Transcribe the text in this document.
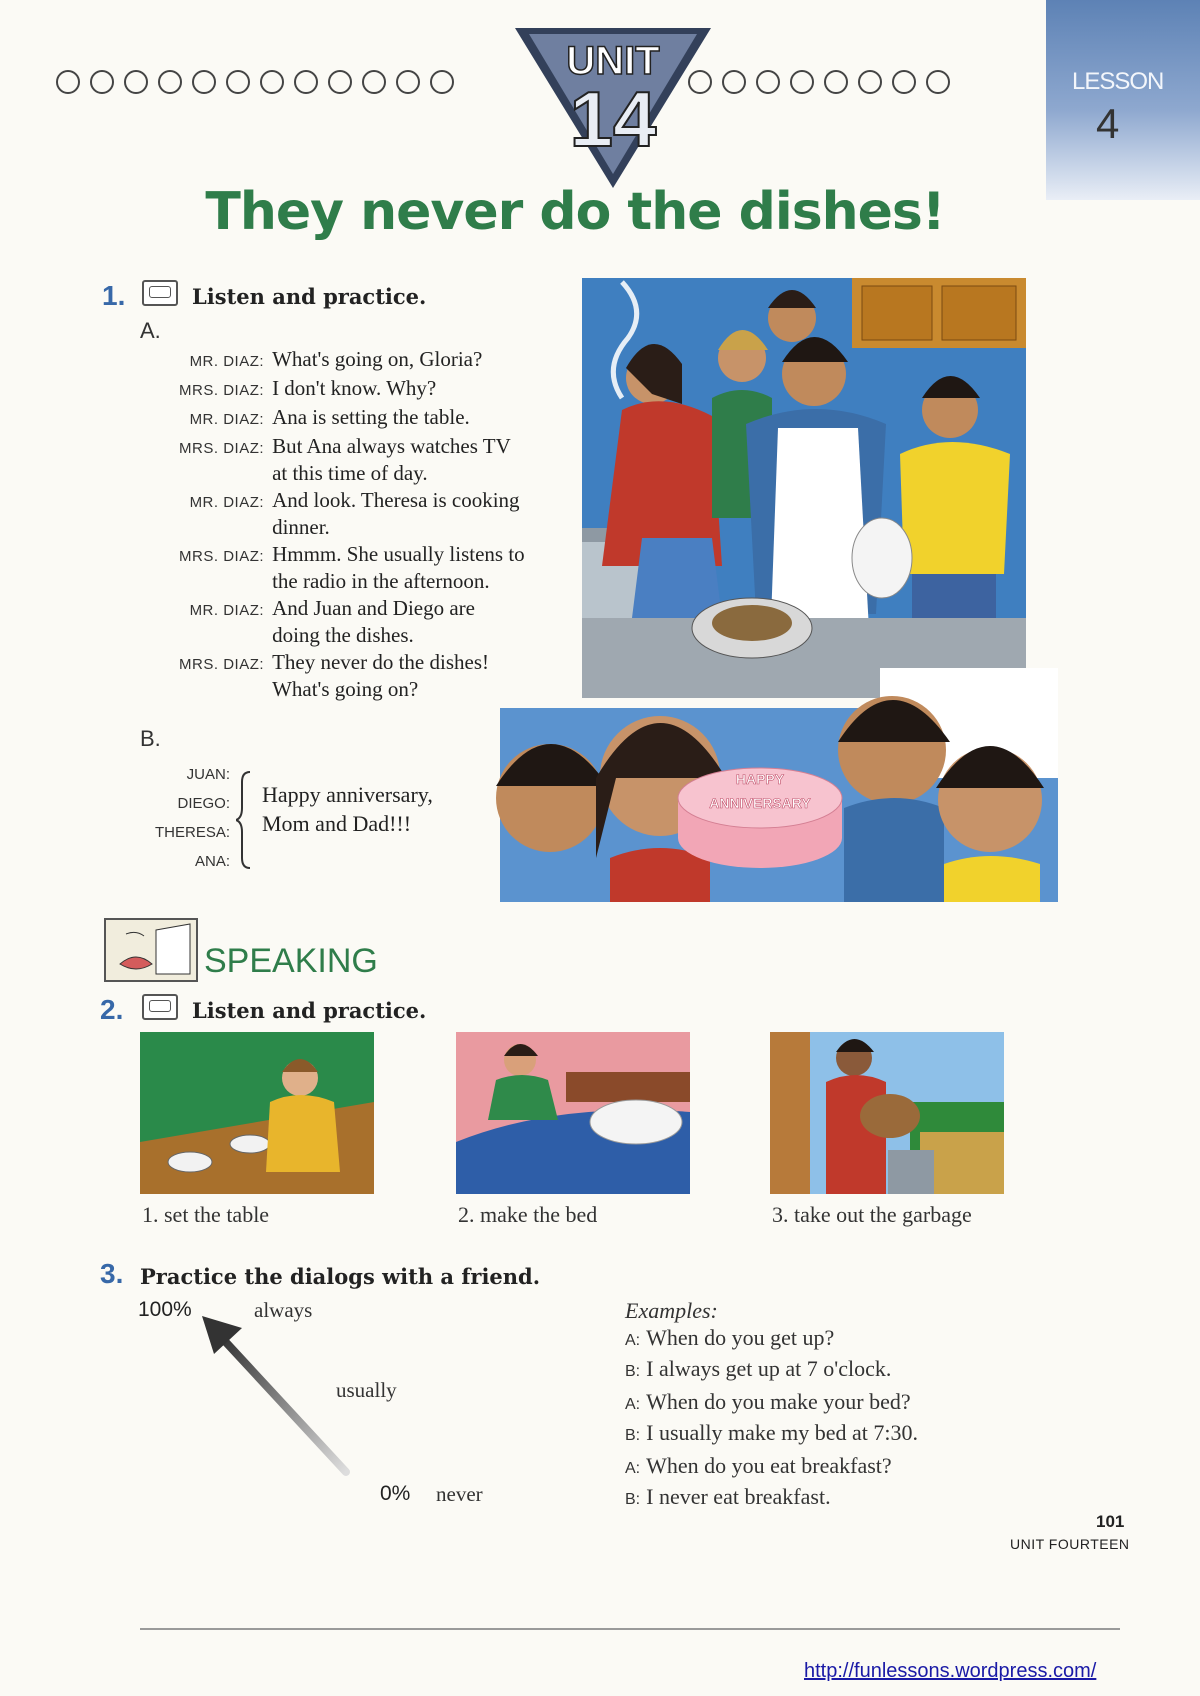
UNIT
14	LESSON
4
They never do the dishes!
1.	Listen and practice.
A.
MR. DIAZ: What's going on, Gloria?
MRS. DIAZ: I don't know. Why?
MR. DIAZ: Ana is setting the table.
MRS. DIAZ: But Ana always watches TV
at this time of day.
MR. DIAZ: And look. Theresa is cooking
dinner.
MRS. DIAZ: Hmmm. She usually listens to
the radio in the afternoon.
MR. DIAZ: And Juan and Diego are
doing the dishes.
MRS. DIAZ: They never do the dishes!
What's going on?
B.
JUAN:
DIEGO:
THERESA:
ANA:
Happy anniversary,
Mom and Dad!!!
HAPPY
ANNIVERSARY
SPEAKING
2.	Listen and practice.
1. set the table	2. make the bed	3. take out the garbage
3. Practice the dialogs with a friend.
100%	always
usually
0% never
Examples:
A: When do you get up?
B: I always get up at 7 o'clock.
A: When do you make your bed?
B: I usually make my bed at 7:30.
A: When do you eat breakfast?
B: I never eat breakfast.
101
UNIT FOURTEEN
http://funlessons.wordpress.com/
